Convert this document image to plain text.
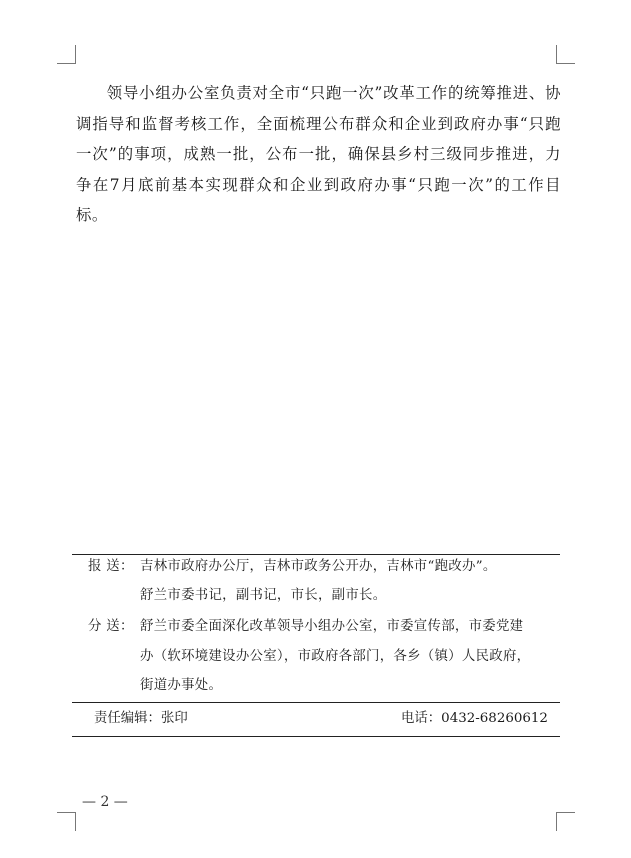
领导小组办公室负责对全市“只跑一次”改革工作的统筹推进、协调指导和监督考核工作，全面梳理公布群众和企业到政府办事“只跑一次”的事项，成熟一批，公布一批，确保县乡村三级同步推进，力争在7月底前基本实现群众和企业到政府办事“只跑一次”的工作目标。

报 送： 吉林市政府办公厅，吉林市政务公开办，吉林市“跑改办”。
舒兰市委书记，副书记，市长，副市长。
分 送： 舒兰市委全面深化改革领导小组办公室，市委宣传部，市委党建
办（软环境建设办公室），市政府各部门，各乡（镇）人民政府，
街道办事处。
责任编辑：张印	电话：0432-68260612
— 2 —
